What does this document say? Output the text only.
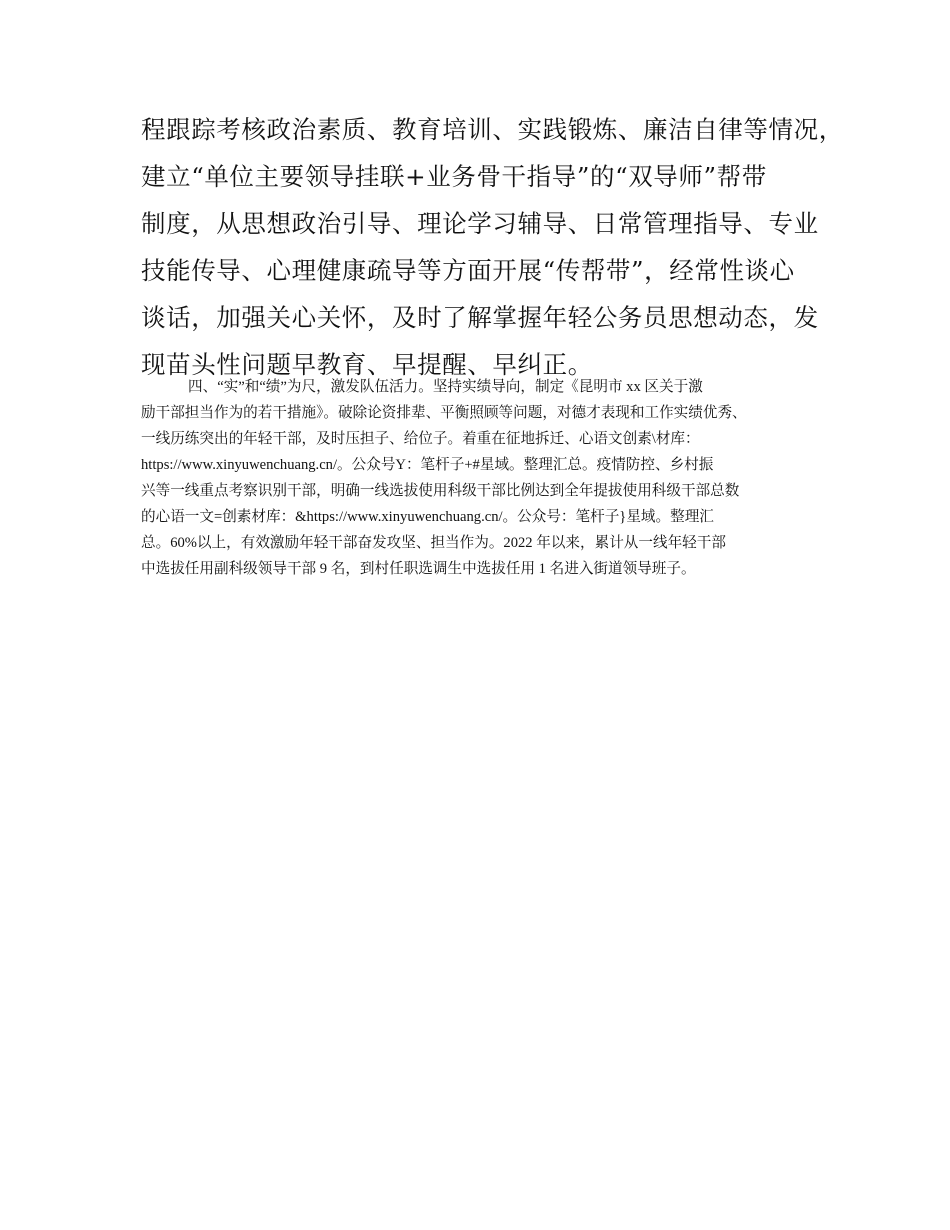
程跟踪考核政治素质、教育培训、实践锻炼、廉洁自律等情况，
建立“单位主要领导挂联+业务骨干指导”的“双导师”帮带
制度，从思想政治引导、理论学习辅导、日常管理指导、专业
技能传导、心理健康疏导等方面开展“传帮带”，经常性谈心
谈话，加强关心关怀，及时了解掌握年轻公务员思想动态，发
现苗头性问题早教育、早提醒、早纠正。
四、“实”和“绩”为尺，激发队伍活力。坚持实绩导向，制定《昆明市 xx 区关于激
励干部担当作为的若干措施》。破除论资排辈、平衡照顾等问题，对德才表现和工作实绩优秀、
一线历练突出的年轻干部，及时压担子、给位子。着重在征地拆迁、心语文创素\材库：
https://www.xinyuwenchuang.cn/。公众号Y：笔杆子+#星域。整理汇总。疫情防控、乡村振
兴等一线重点考察识别干部，明确一线选拔使用科级干部比例达到全年提拔使用科级干部总数
的心语一文=创素材库：&https://www.xinyuwenchuang.cn/。公众号：笔杆子}星域。整理汇
总。60%以上，有效激励年轻干部奋发攻坚、担当作为。2022 年以来，累计从一线年轻干部
中选拔任用副科级领导干部 9 名，到村任职选调生中选拔任用 1 名进入街道领导班子。
